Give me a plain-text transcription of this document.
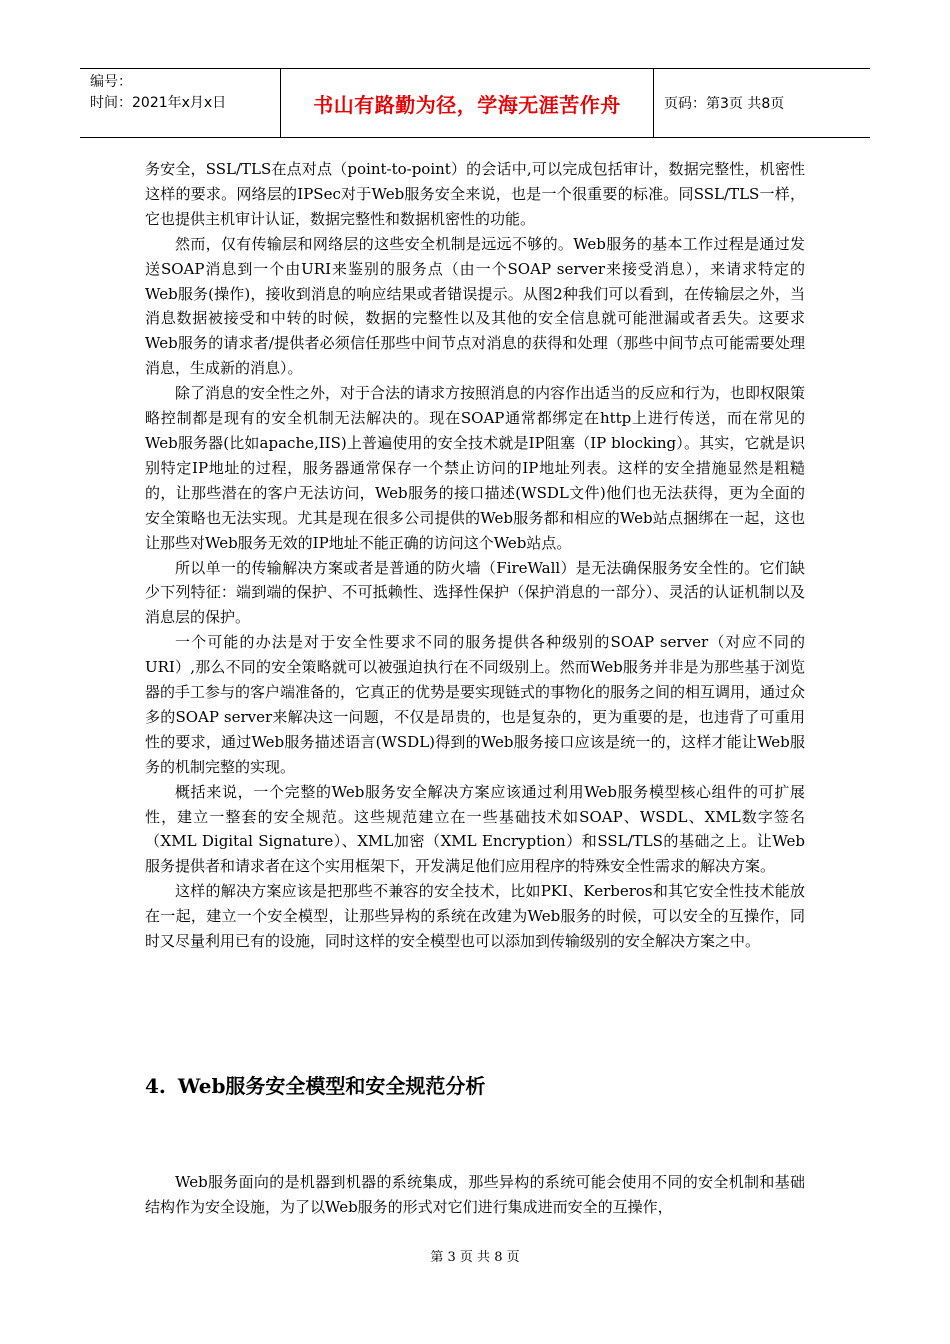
编号：
时间：2021年x月x日	书山有路勤为径，学海无涯苦作舟	页码：第3页 共8页

务安全，SSL/TLS在点对点（point-to-point）的会话中,可以完成包括审计，数据完整性，机密性这样的要求。网络层的IPSec对于Web服务安全来说，也是一个很重要的标准。同SSL/TLS一样，它也提供主机审计认证，数据完整性和数据机密性的功能。

然而，仅有传输层和网络层的这些安全机制是远远不够的。Web服务的基本工作过程是通过发送SOAP消息到一个由URI来鉴别的服务点（由一个SOAP server来接受消息），来请求特定的Web服务(操作)，接收到消息的响应结果或者错误提示。从图2种我们可以看到，在传输层之外，当消息数据被接受和中转的时候，数据的完整性以及其他的安全信息就可能泄漏或者丢失。这要求Web服务的请求者/提供者必须信任那些中间节点对消息的获得和处理（那些中间节点可能需要处理消息，生成新的消息）。

除了消息的安全性之外，对于合法的请求方按照消息的内容作出适当的反应和行为，也即权限策略控制都是现有的安全机制无法解决的。现在SOAP通常都绑定在http上进行传送，而在常见的Web服务器(比如apache,IIS)上普遍使用的安全技术就是IP阻塞（IP blocking）。其实，它就是识别特定IP地址的过程，服务器通常保存一个禁止访问的IP地址列表。这样的安全措施显然是粗糙的，让那些潜在的客户无法访问，Web服务的接口描述(WSDL文件)他们也无法获得，更为全面的安全策略也无法实现。尤其是现在很多公司提供的Web服务都和相应的Web站点捆绑在一起，这也让那些对Web服务无效的IP地址不能正确的访问这个Web站点。

所以单一的传输解决方案或者是普通的防火墙（FireWall）是无法确保服务安全性的。它们缺少下列特征：端到端的保护、不可抵赖性、选择性保护（保护消息的一部分）、灵活的认证机制以及消息层的保护。

一个可能的办法是对于安全性要求不同的服务提供各种级别的SOAP server（对应不同的URI）,那么不同的安全策略就可以被强迫执行在不同级别上。然而Web服务并非是为那些基于浏览器的手工参与的客户端准备的，它真正的优势是要实现链式的事物化的服务之间的相互调用，通过众多的SOAP server来解决这一问题，不仅是昂贵的，也是复杂的，更为重要的是，也违背了可重用性的要求，通过Web服务描述语言(WSDL)得到的Web服务接口应该是统一的，这样才能让Web服务的机制完整的实现。

概括来说，一个完整的Web服务安全解决方案应该通过利用Web服务模型核心组件的可扩展性，建立一整套的安全规范。这些规范建立在一些基础技术如SOAP、WSDL、XML数字签名（XML Digital Signature）、XML加密（XML Encryption）和SSL/TLS的基础之上。让Web服务提供者和请求者在这个实用框架下，开发满足他们应用程序的特殊安全性需求的解决方案。

这样的解决方案应该是把那些不兼容的安全技术，比如PKI、Kerberos和其它安全性技术能放在一起，建立一个安全模型，让那些异构的系统在改建为Web服务的时候，可以安全的互操作，同时又尽量利用已有的设施，同时这样的安全模型也可以添加到传输级别的安全解决方案之中。

4. Web服务安全模型和安全规范分析

Web服务面向的是机器到机器的系统集成，那些异构的系统可能会使用不同的安全机制和基础结构作为安全设施，为了以Web服务的形式对它们进行集成进而安全的互操作，

第 3 页 共 8 页
